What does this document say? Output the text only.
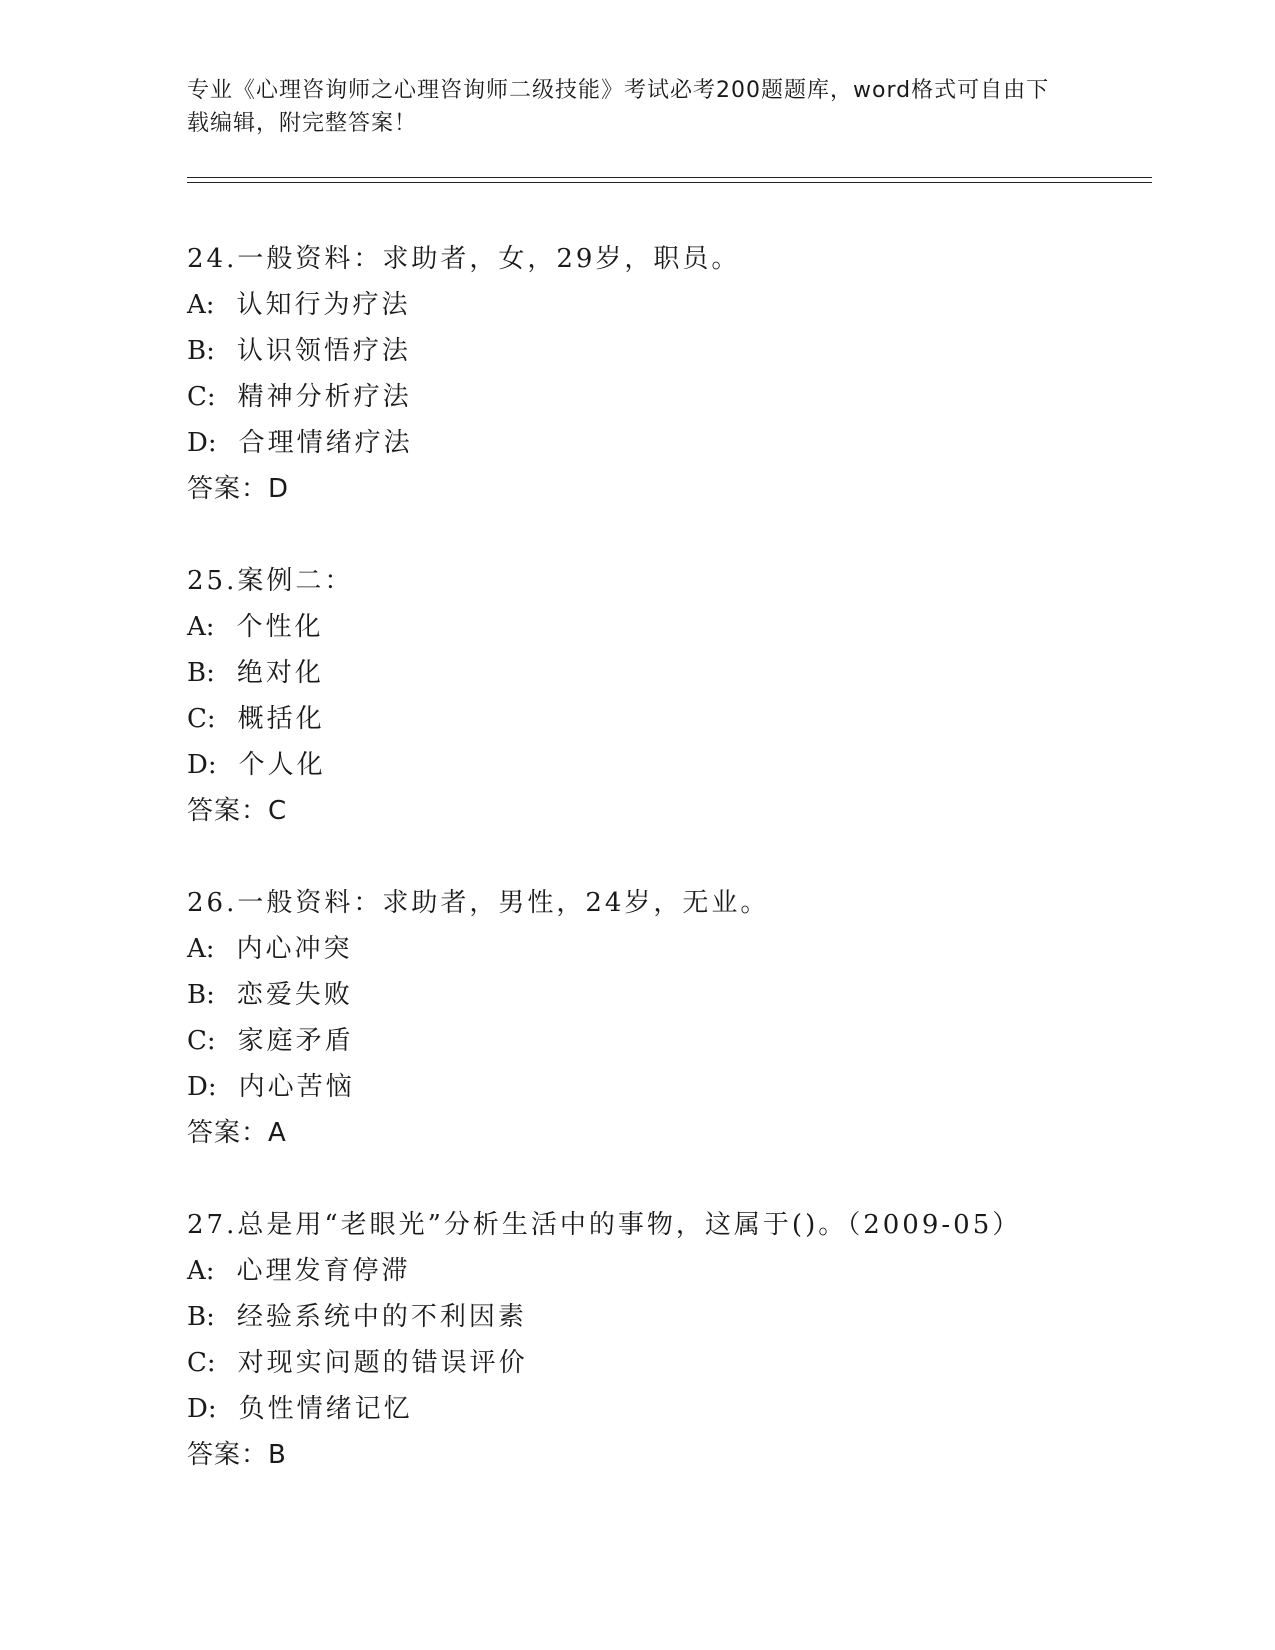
专业《心理咨询师之心理咨询师二级技能》考试必考200题题库，word格式可自由下载编辑，附完整答案！

24.一般资料：求助者，女，29岁，职员。
A: 认知行为疗法
B: 认识领悟疗法
C: 精神分析疗法
D: 合理情绪疗法
答案：D
25.案例二：
A: 个性化
B: 绝对化
C: 概括化
D: 个人化
答案：C
26.一般资料：求助者，男性，24岁，无业。
A: 内心冲突
B: 恋爱失败
C: 家庭矛盾
D: 内心苦恼
答案：A
27.总是用“老眼光”分析生活中的事物，这属于()。（2009-05）
A: 心理发育停滞
B: 经验系统中的不利因素
C: 对现实问题的错误评价
D: 负性情绪记忆
答案：B
